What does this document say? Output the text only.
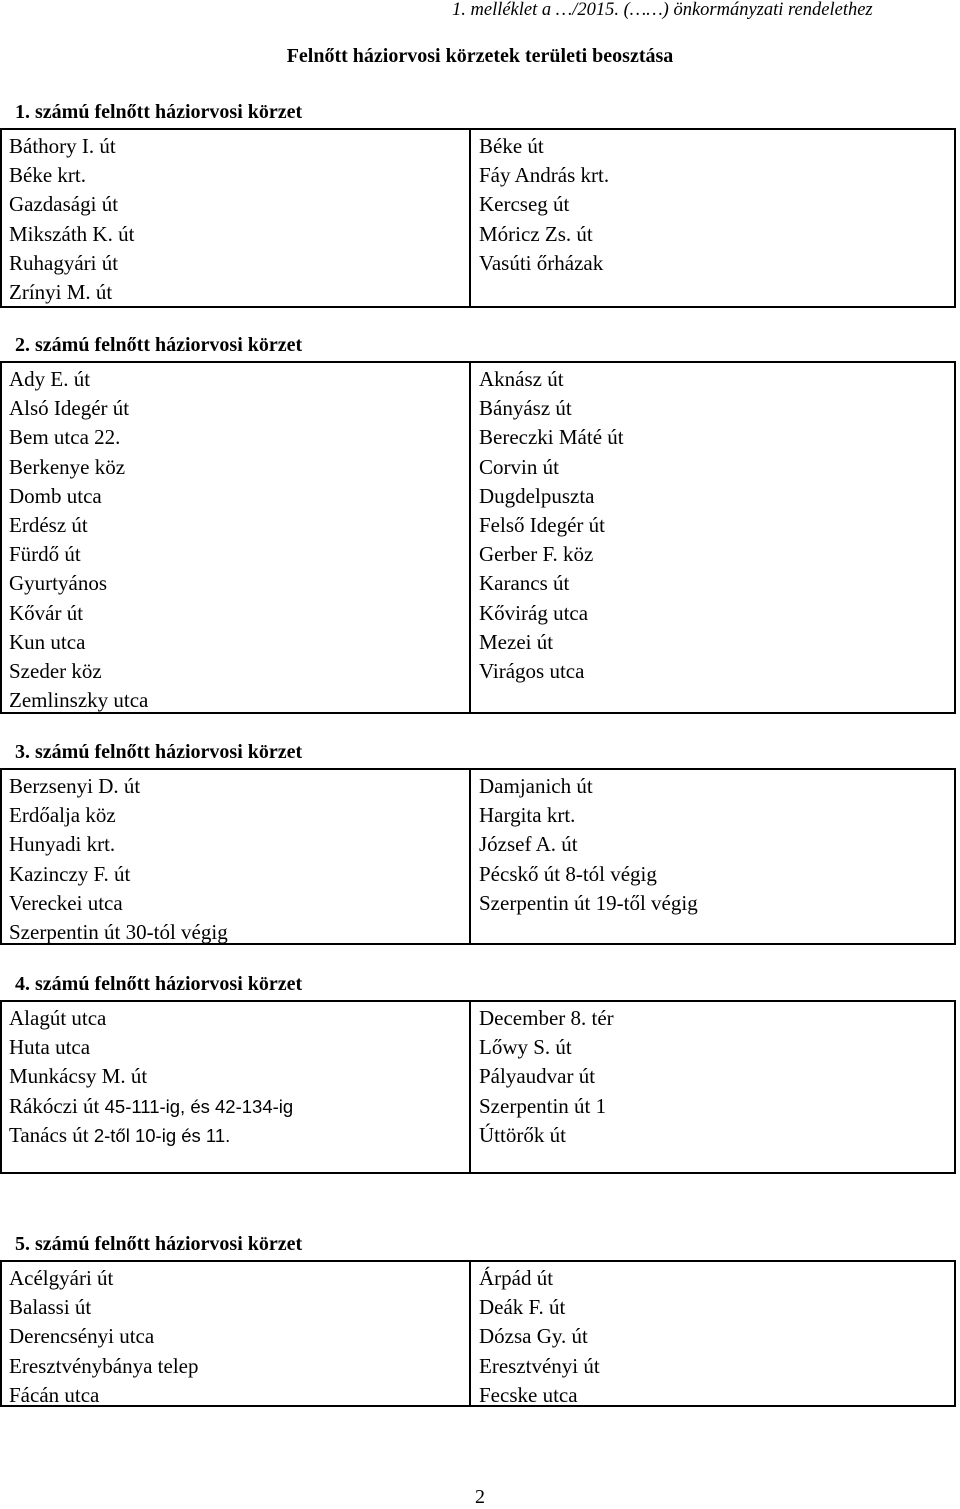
1. melléklet a …/2015. (……) önkormányzati rendelethez
Felnőtt háziorvosi körzetek területi beosztása
1. számú felnőtt háziorvosi körzet
Báthory I. út
Béke krt.
Gazdasági út
Mikszáth K. út
Ruhagyári út
Zrínyi M. út
Béke út
Fáy András krt.
Kercseg út
Móricz Zs. út
Vasúti őrházak
2. számú felnőtt háziorvosi körzet
Ady E. út
Alsó Idegér út
Bem utca 22.
Berkenye köz
Domb utca
Erdész út
Fürdő út
Gyurtyános
Kővár út
Kun utca
Szeder köz
Zemlinszky utca
Aknász út
Bányász út
Bereczki Máté út
Corvin út
Dugdelpuszta
Felső Idegér út
Gerber F. köz
Karancs út
Kővirág utca
Mezei út
Virágos utca
3. számú felnőtt háziorvosi körzet
Berzsenyi D. út
Erdőalja köz
Hunyadi krt.
Kazinczy F. út
Vereckei utca
Szerpentin út 30-tól végig
Damjanich út
Hargita krt.
József A. út
Pécskő út 8-tól végig
Szerpentin út 19-től végig
4. számú felnőtt háziorvosi körzet
Alagút utca
Huta utca
Munkácsy M. út
Rákóczi út 45-111-ig, és 42-134-ig
Tanács út 2-től 10-ig és 11.
December 8. tér
Lőwy S. út
Pályaudvar út
Szerpentin út 1
Úttörők út
5. számú felnőtt háziorvosi körzet
Acélgyári út
Balassi út
Derencsényi utca
Eresztvénybánya telep
Fácán utca
Árpád út
Deák F. út
Dózsa Gy. út
Eresztvényi út
Fecske utca
2
